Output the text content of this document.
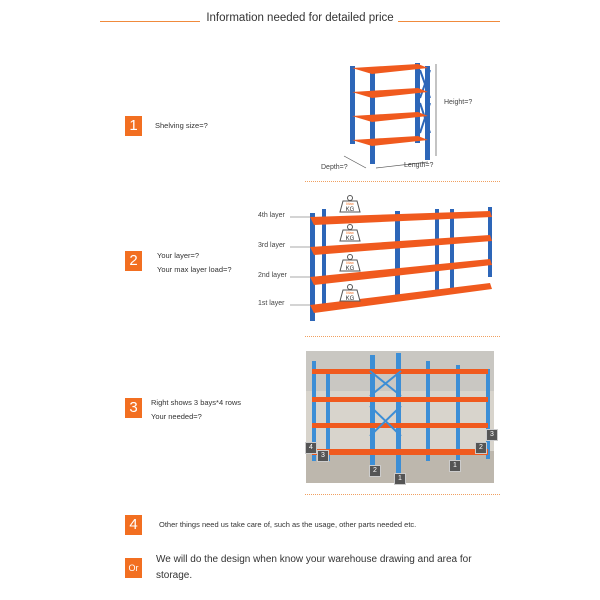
Information needed for detailed price
1	Shelving size=?
Height=?
Depth=?	Length=?
2	Your layer=?
Your max layer load=?
4th layer
3rd layer
2nd layer
1st layer
Max
KG
Max
KG
Max
KG
Max
KG
3	Right shows 3 bays*4 rows
Your needed=?
4
3
2
1
1
2
3
4	Other things need us take care of, such as the usage, other parts needed etc.
Or
We will do the design when know your warehouse drawing and area for storage.
